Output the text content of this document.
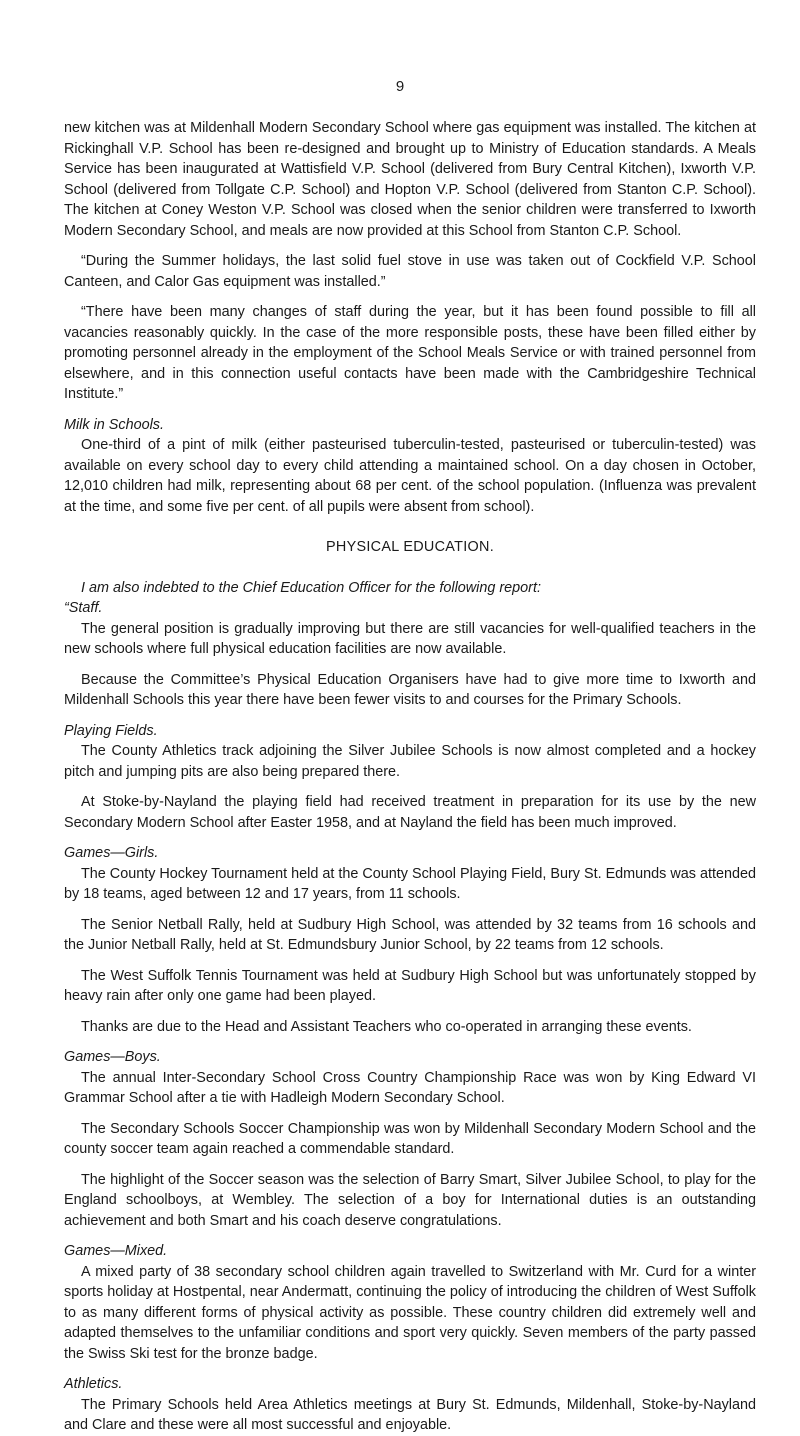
9

new kitchen was at Mildenhall Modern Secondary School where gas equipment was installed. The kitchen at Rickinghall V.P. School has been re-designed and brought up to Ministry of Education standards. A Meals Service has been inaugurated at Wattisfield V.P. School (delivered from Bury Central Kitchen), Ixworth V.P. School (delivered from Tollgate C.P. School) and Hopton V.P. School (delivered from Stanton C.P. School). The kitchen at Coney Weston V.P. School was closed when the senior children were transferred to Ixworth Modern Secondary School, and meals are now provided at this School from Stanton C.P. School.

“During the Summer holidays, the last solid fuel stove in use was taken out of Cockfield V.P. School Canteen, and Calor Gas equipment was installed.”

“There have been many changes of staff during the year, but it has been found possible to fill all vacancies reasonably quickly. In the case of the more responsible posts, these have been filled either by promoting personnel already in the employment of the School Meals Service or with trained personnel from elsewhere, and in this connection useful contacts have been made with the Cambridgeshire Technical Institute.”

Milk in Schools.

One-third of a pint of milk (either pasteurised tuberculin-tested, pasteurised or tuberculin-tested) was available on every school day to every child attending a maintained school. On a day chosen in October, 12,010 children had milk, representing about 68 per cent. of the school population. (Influenza was prevalent at the time, and some five per cent. of all pupils were absent from school).

PHYSICAL EDUCATION.

I am also indebted to the Chief Education Officer for the following report:

“Staff.

The general position is gradually improving but there are still vacancies for well-qualified teachers in the new schools where full physical education facilities are now available.

Because the Committee’s Physical Education Organisers have had to give more time to Ixworth and Mildenhall Schools this year there have been fewer visits to and courses for the Primary Schools.

Playing Fields.

The County Athletics track adjoining the Silver Jubilee Schools is now almost completed and a hockey pitch and jumping pits are also being prepared there.

At Stoke-by-Nayland the playing field had received treatment in preparation for its use by the new Secondary Modern School after Easter 1958, and at Nayland the field has been much improved.

Games—Girls.

The County Hockey Tournament held at the County School Playing Field, Bury St. Edmunds was attended by 18 teams, aged between 12 and 17 years, from 11 schools.

The Senior Netball Rally, held at Sudbury High School, was attended by 32 teams from 16 schools and the Junior Netball Rally, held at St. Edmundsbury Junior School, by 22 teams from 12 schools.

The West Suffolk Tennis Tournament was held at Sudbury High School but was unfortunately stopped by heavy rain after only one game had been played.

Thanks are due to the Head and Assistant Teachers who co-operated in arranging these events.

Games—Boys.

The annual Inter-Secondary School Cross Country Championship Race was won by King Edward VI Grammar School after a tie with Hadleigh Modern Secondary School.

The Secondary Schools Soccer Championship was won by Mildenhall Secondary Modern School and the county soccer team again reached a commendable standard.

The highlight of the Soccer season was the selection of Barry Smart, Silver Jubilee School, to play for the England schoolboys, at Wembley. The selection of a boy for International duties is an outstanding achievement and both Smart and his coach deserve congratulations.

Games—Mixed.

A mixed party of 38 secondary school children again travelled to Switzerland with Mr. Curd for a winter sports holiday at Hostpental, near Andermatt, continuing the policy of introducing the children of West Suffolk to as many different forms of physical activity as possible. These country children did extremely well and adapted themselves to the unfamiliar conditions and sport very quickly. Seven members of the party passed the Swiss Ski test for the bronze badge.

Athletics.

The Primary Schools held Area Athletics meetings at Bury St. Edmunds, Mildenhall, Stoke-by-Nayland and Clare and these were all most successful and enjoyable.
